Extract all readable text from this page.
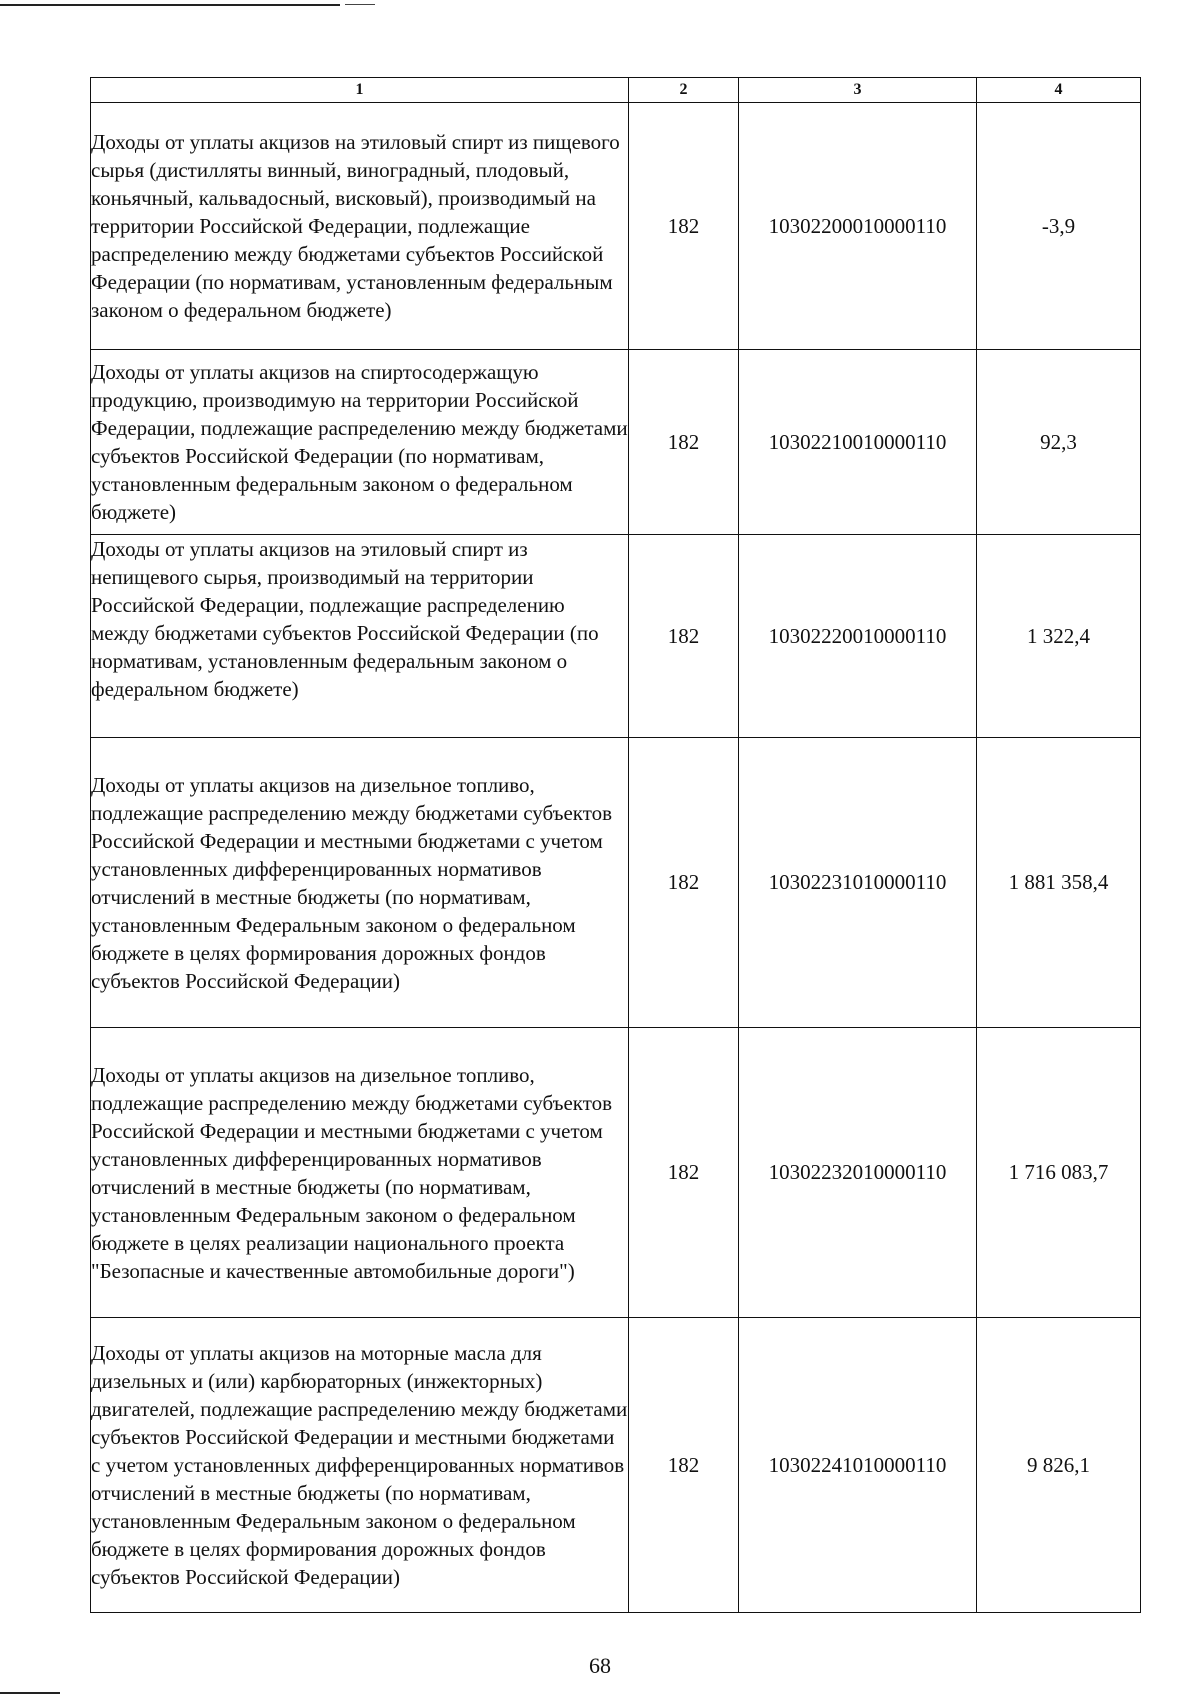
1	2	3	4
Доходы от уплаты акцизов на этиловый спирт из пищевого сырья (дистилляты винный, виноградный, плодовый, коньячный, кальвадосный, висковый), производимый на территории Российской Федерации, подлежащие распределению между бюджетами субъектов Российской Федерации (по нормативам, установленным федеральным законом о федеральном бюджете)	182	10302200010000110	-3,9
Доходы от уплаты акцизов на спиртосодержащую продукцию, производимую на территории Российской Федерации, подлежащие распределению между бюджетами субъектов Российской Федерации (по нормативам, установленным федеральным законом о федеральном бюджете)	182	10302210010000110	92,3
Доходы от уплаты акцизов на этиловый спирт из непищевого сырья, производимый на территории Российской Федерации, подлежащие распределению между бюджетами субъектов Российской Федерации (по нормативам, установленным федеральным законом о федеральном бюджете)	182	10302220010000110	1 322,4
Доходы от уплаты акцизов на дизельное топливо, подлежащие распределению между бюджетами субъектов Российской Федерации и местными бюджетами с учетом установленных дифференцированных нормативов отчислений в местные бюджеты (по нормативам, установленным Федеральным законом о федеральном бюджете в целях формирования дорожных фондов субъектов Российской Федерации)	182	10302231010000110	1 881 358,4
Доходы от уплаты акцизов на дизельное топливо, подлежащие распределению между бюджетами субъектов Российской Федерации и местными бюджетами с учетом установленных дифференцированных нормативов отчислений в местные бюджеты (по нормативам, установленным Федеральным законом о федеральном бюджете в целях реализации национального проекта "Безопасные и качественные автомобильные дороги")	182	10302232010000110	1 716 083,7
Доходы от уплаты акцизов на моторные масла для дизельных и (или) карбюраторных (инжекторных) двигателей, подлежащие распределению между бюджетами субъектов Российской Федерации и местными бюджетами с учетом установленных дифференцированных нормативов отчислений в местные бюджеты (по нормативам, установленным Федеральным законом о федеральном бюджете в целях формирования дорожных фондов субъектов Российской Федерации)	182	10302241010000110	9 826,1
68
